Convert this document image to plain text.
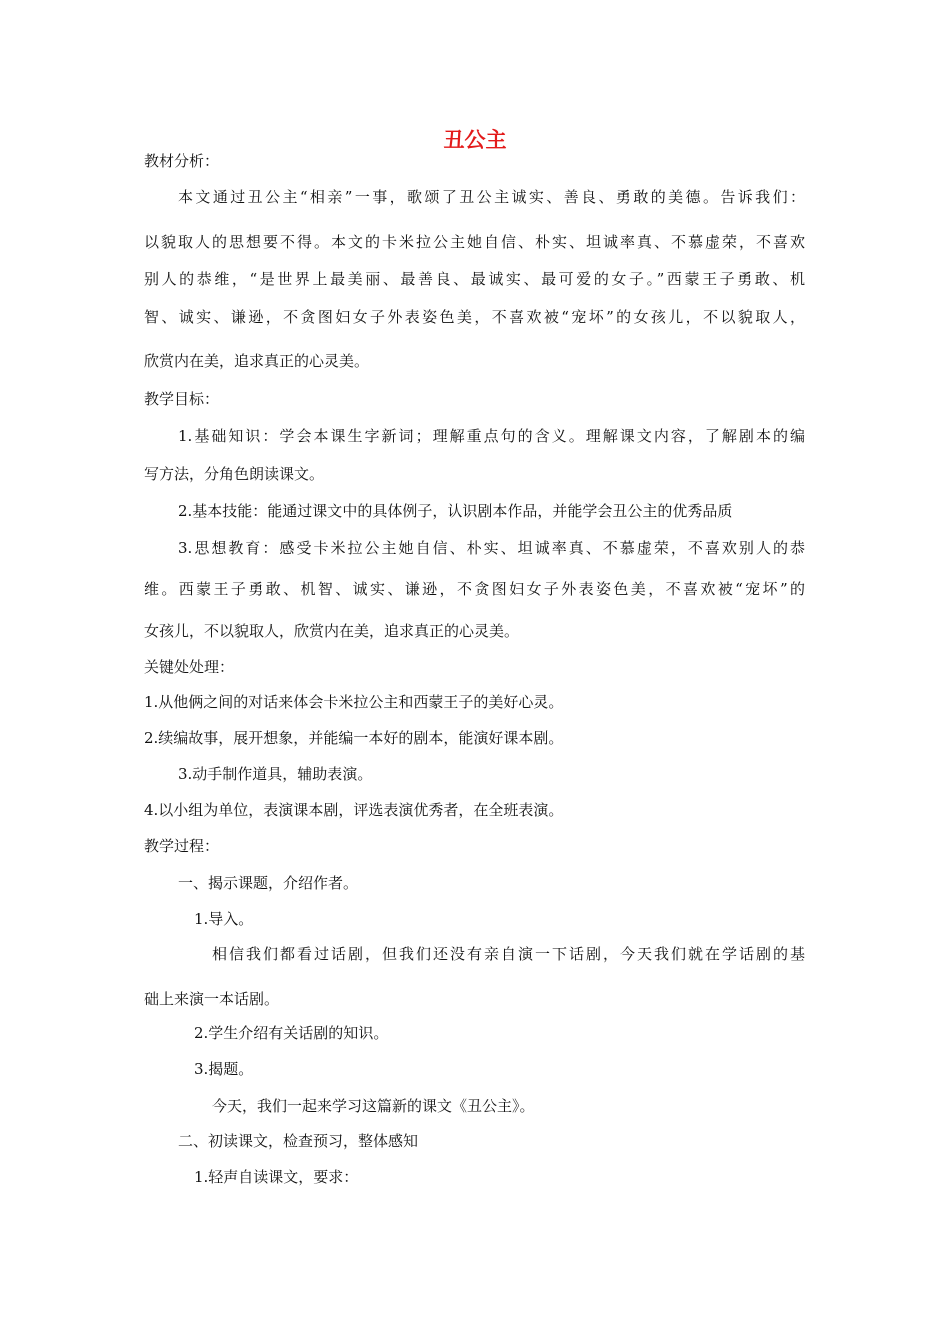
丑公主
教材分析：
本文通过丑公主“相亲”一事，歌颂了丑公主诚实、善良、勇敢的美德。告诉我们：
以貌取人的思想要不得。本文的卡米拉公主她自信、朴实、坦诚率真、不慕虚荣，不喜欢
别人的恭维，“是世界上最美丽、最善良、最诚实、最可爱的女子。”西蒙王子勇敢、机
智、诚实、谦逊，不贪图妇女子外表姿色美，不喜欢被“宠坏”的女孩儿，不以貌取人，
欣赏内在美，追求真正的心灵美。
教学目标：
1.基础知识：学会本课生字新词；理解重点句的含义。理解课文内容，了解剧本的编
写方法，分角色朗读课文。
2.基本技能：能通过课文中的具体例子，认识剧本作品，并能学会丑公主的优秀品质
3.思想教育：感受卡米拉公主她自信、朴实、坦诚率真、不慕虚荣，不喜欢别人的恭
维。西蒙王子勇敢、机智、诚实、谦逊，不贪图妇女子外表姿色美，不喜欢被“宠坏”的
女孩儿，不以貌取人，欣赏内在美，追求真正的心灵美。
关键处处理：
1.从他俩之间的对话来体会卡米拉公主和西蒙王子的美好心灵。
2.续编故事，展开想象，并能编一本好的剧本，能演好课本剧。
3.动手制作道具，辅助表演。
4.以小组为单位，表演课本剧，评选表演优秀者，在全班表演。
教学过程：
一、揭示课题，介绍作者。
1.导入。
相信我们都看过话剧，但我们还没有亲自演一下话剧，今天我们就在学话剧的基
础上来演一本话剧。
2.学生介绍有关话剧的知识。
3.揭题。
今天，我们一起来学习这篇新的课文《丑公主》。
二、初读课文，检查预习，整体感知
1.轻声自读课文，要求：
